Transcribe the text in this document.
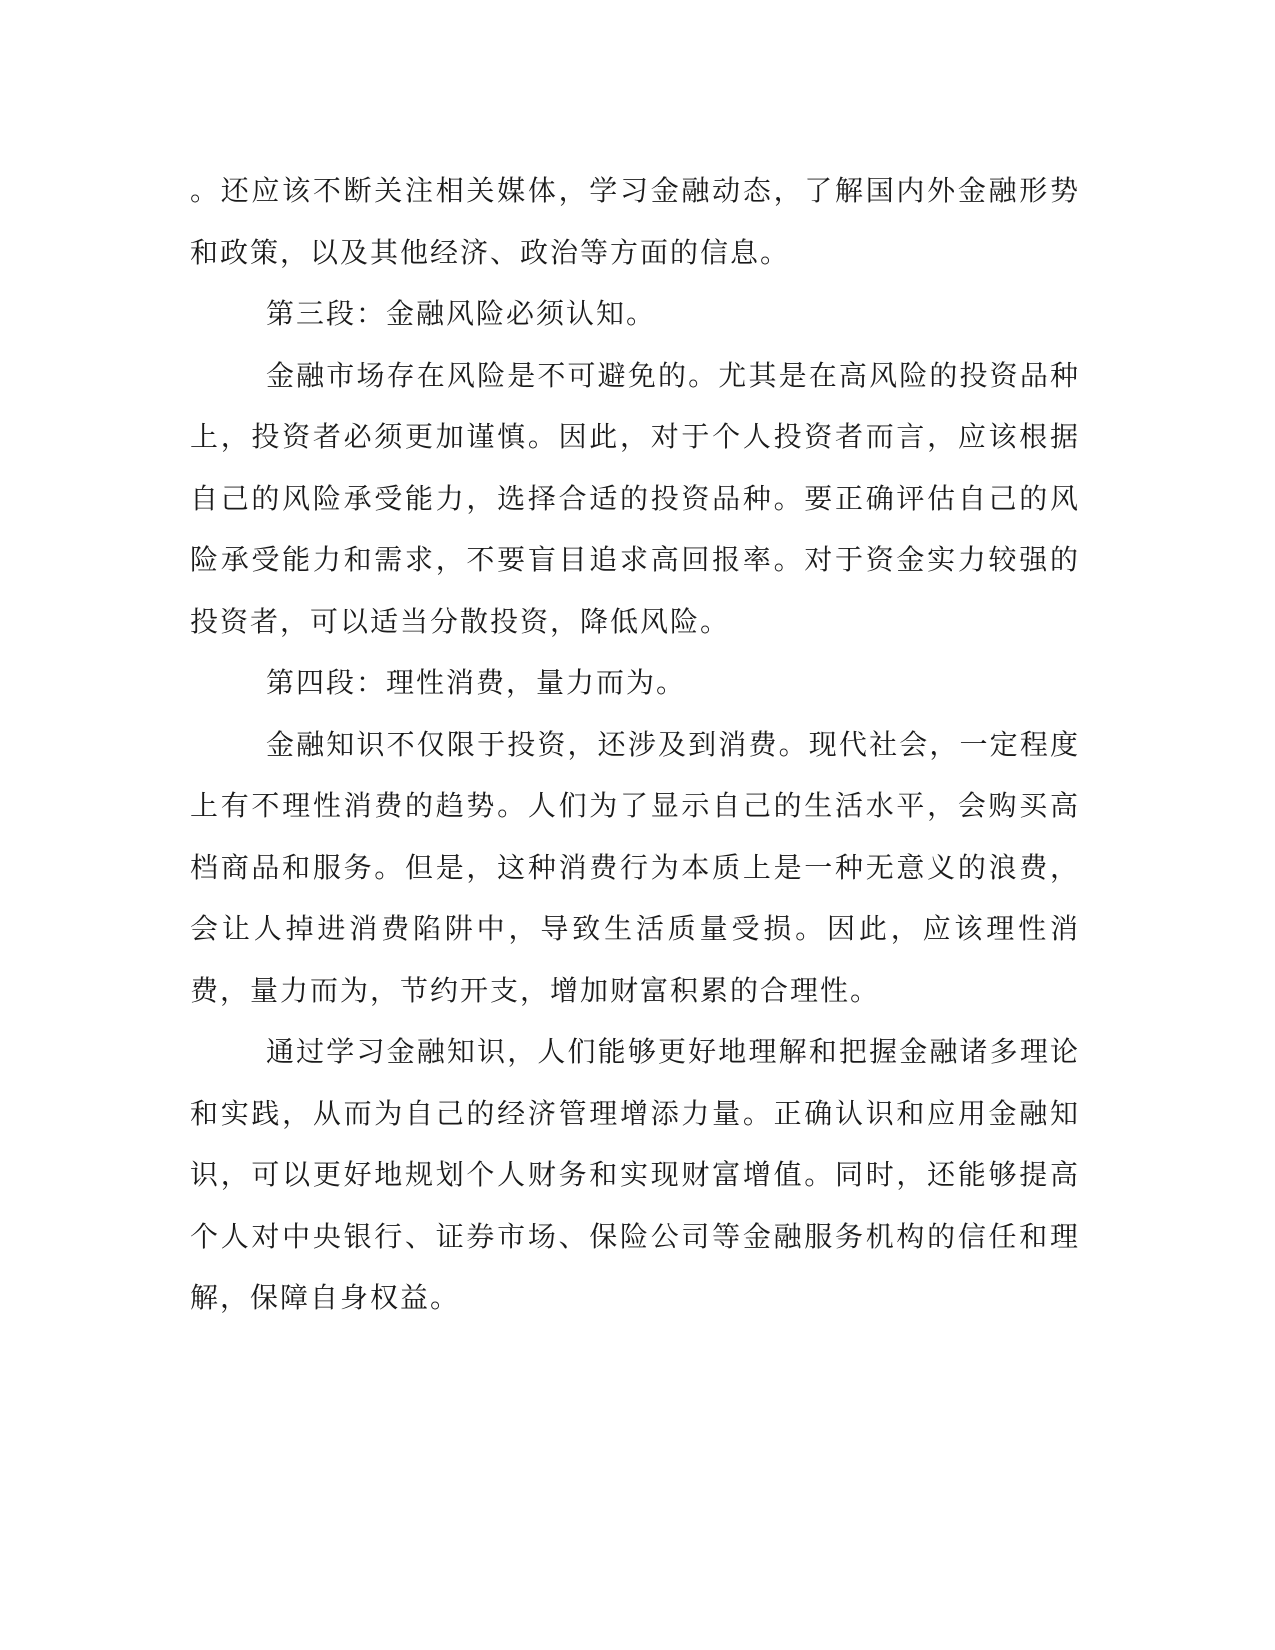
。还应该不断关注相关媒体，学习金融动态，了解国内外金融形势和政策，以及其他经济、政治等方面的信息。

第三段：金融风险必须认知。

金融市场存在风险是不可避免的。尤其是在高风险的投资品种上，投资者必须更加谨慎。因此，对于个人投资者而言，应该根据自己的风险承受能力，选择合适的投资品种。要正确评估自己的风险承受能力和需求，不要盲目追求高回报率。对于资金实力较强的投资者，可以适当分散投资，降低风险。

第四段：理性消费，量力而为。

金融知识不仅限于投资，还涉及到消费。现代社会，一定程度上有不理性消费的趋势。人们为了显示自己的生活水平，会购买高档商品和服务。但是，这种消费行为本质上是一种无意义的浪费，会让人掉进消费陷阱中，导致生活质量受损。因此，应该理性消费，量力而为，节约开支，增加财富积累的合理性。

通过学习金融知识，人们能够更好地理解和把握金融诸多理论和实践，从而为自己的经济管理增添力量。正确认识和应用金融知识，可以更好地规划个人财务和实现财富增值。同时，还能够提高个人对中央银行、证券市场、保险公司等金融服务机构的信任和理解，保障自身权益。
